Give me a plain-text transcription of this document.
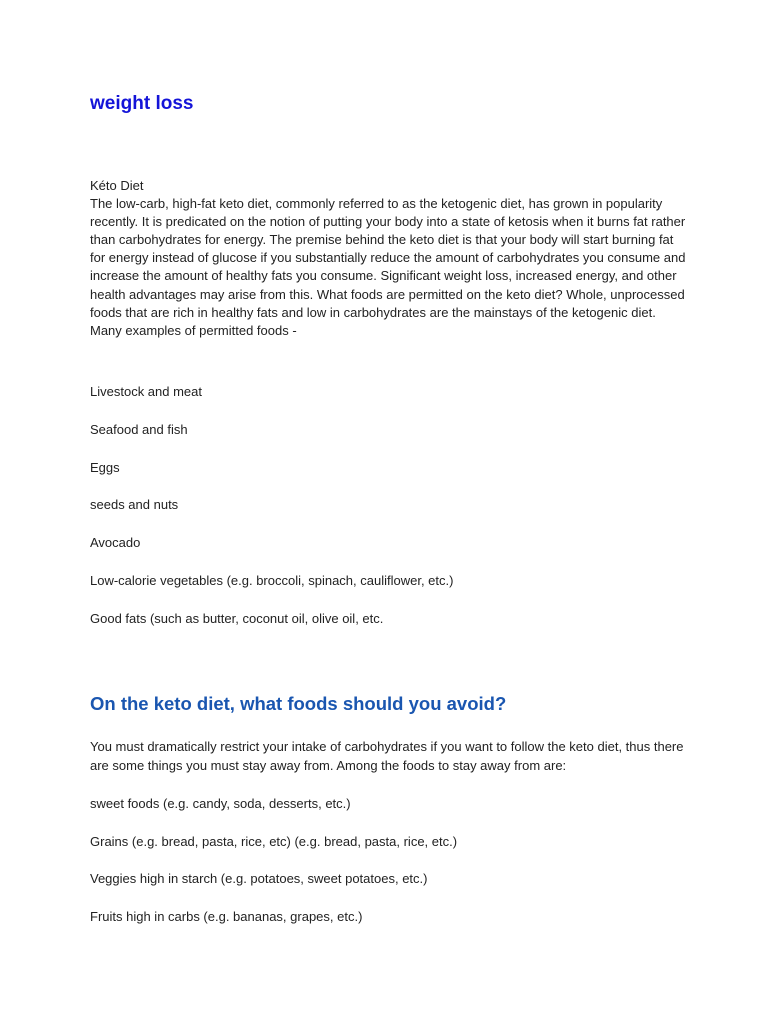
weight loss

Kéto Diet
The low-carb, high-fat keto diet, commonly referred to as the ketogenic diet, has grown in popularity recently. It is predicated on the notion of putting your body into a state of ketosis when it burns fat rather than carbohydrates for energy. The premise behind the keto diet is that your body will start burning fat for energy instead of glucose if you substantially reduce the amount of carbohydrates you consume and increase the amount of healthy fats you consume. Significant weight loss, increased energy, and other health advantages may arise from this. What foods are permitted on the keto diet? Whole, unprocessed foods that are rich in healthy fats and low in carbohydrates are the mainstays of the ketogenic diet. Many examples of permitted foods -

Livestock and meat
Seafood and fish
Eggs
seeds and nuts
Avocado
Low-calorie vegetables (e.g. broccoli, spinach, cauliflower, etc.)
Good fats (such as butter, coconut oil, olive oil, etc.
On the keto diet, what foods should you avoid?

You must dramatically restrict your intake of carbohydrates if you want to follow the keto diet, thus there are some things you must stay away from. Among the foods to stay away from are:

sweet foods (e.g. candy, soda, desserts, etc.)
Grains (e.g. bread, pasta, rice, etc) (e.g. bread, pasta, rice, etc.)
Veggies high in starch (e.g. potatoes, sweet potatoes, etc.)
Fruits high in carbs (e.g. bananas, grapes, etc.)
